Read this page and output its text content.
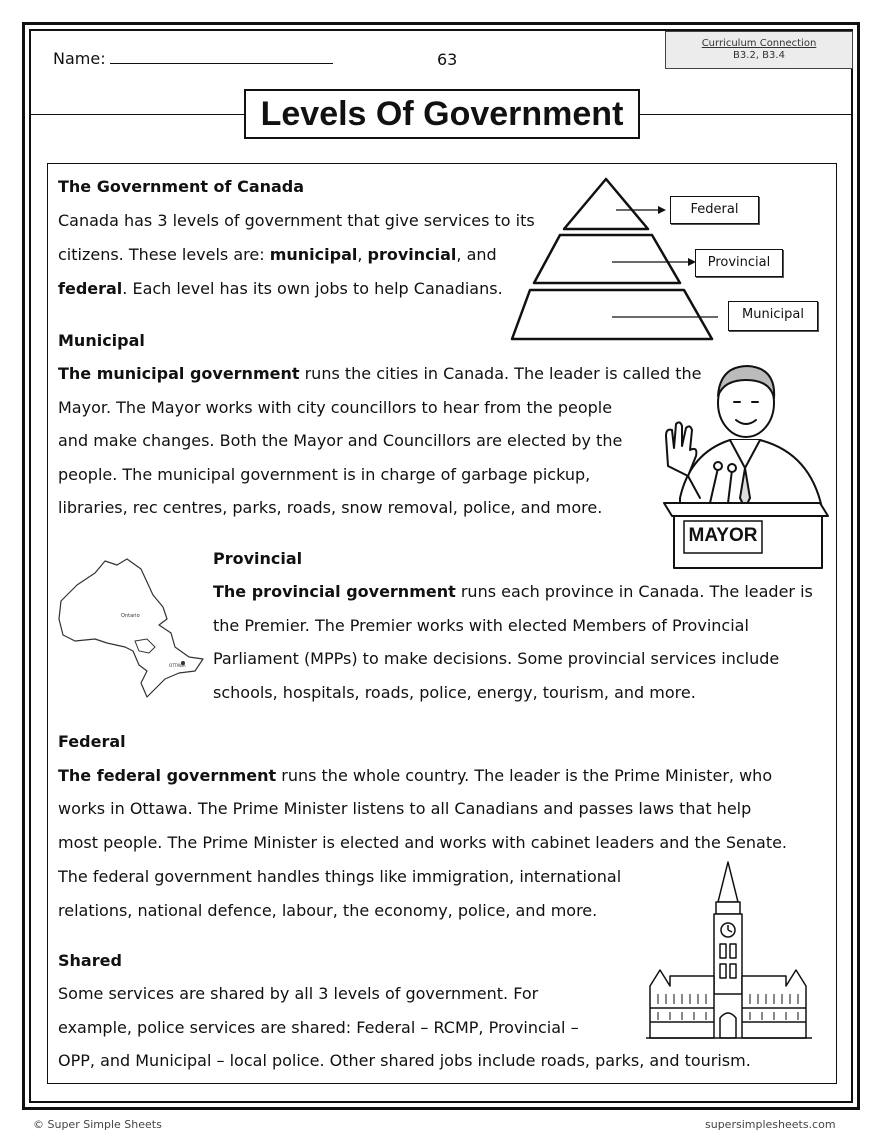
Name:	63
Curriculum Connection
B3.2, B3.4
Levels Of Government
The Government of Canada
Canada has 3 levels of government that give services to its
citizens. These levels are: municipal, provincial, and
federal. Each level has its own jobs to help Canadians.
Federal
Provincial
Municipal
Municipal
The municipal government runs the cities in Canada. The leader is called the
Mayor. The Mayor works with city councillors to hear from the people
and make changes. Both the Mayor and Councillors are elected by the
people. The municipal government is in charge of garbage pickup,
libraries, rec centres, parks, roads, snow removal, police, and more.
MAYOR
Ontario
OTTAWA
Provincial
The provincial government runs each province in Canada. The leader is
the Premier. The Premier works with elected Members of Provincial
Parliament (MPPs) to make decisions. Some provincial services include
schools, hospitals, roads, police, energy, tourism, and more.
Federal
The federal government runs the whole country. The leader is the Prime Minister, who
works in Ottawa. The Prime Minister listens to all Canadians and passes laws that help
most people. The Prime Minister is elected and works with cabinet leaders and the Senate.
The federal government handles things like immigration, international
relations, national defence, labour, the economy, police, and more.
Shared
Some services are shared by all 3 levels of government. For
example, police services are shared: Federal – RCMP, Provincial –
OPP, and Municipal – local police. Other shared jobs include roads, parks, and tourism.
© Super Simple Sheets	supersimplesheets.com
